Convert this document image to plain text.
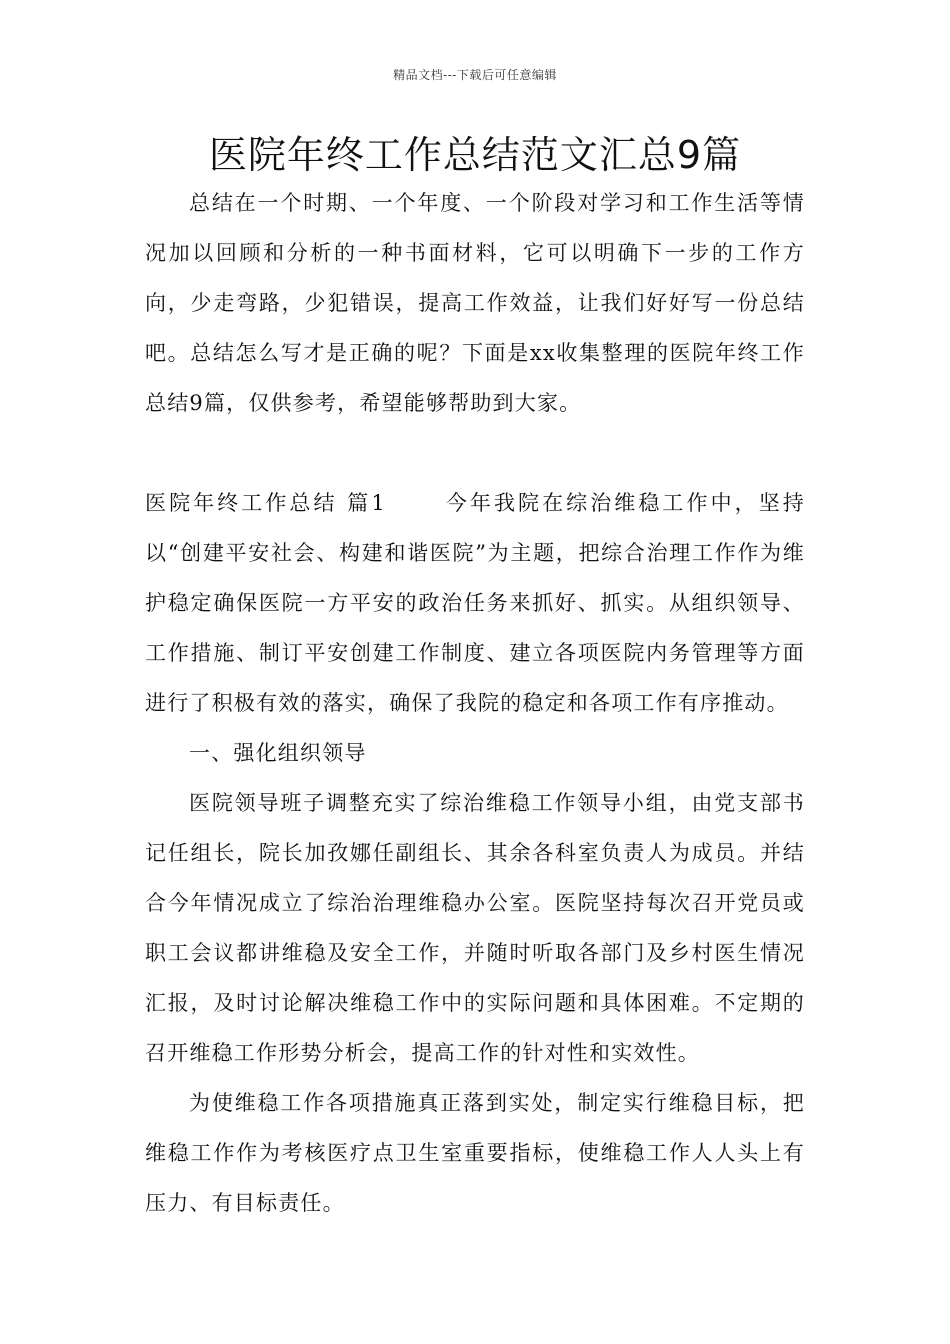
精品文档---下载后可任意编辑
医院年终工作总结范文汇总9篇

总结在一个时期、一个年度、一个阶段对学习和工作生活等情况加以回顾和分析的一种书面材料，它可以明确下一步的工作方向，少走弯路，少犯错误，提高工作效益，让我们好好写一份总结吧。总结怎么写才是正确的呢？下面是xx收集整理的医院年终工作总结9篇，仅供参考，希望能够帮助到大家。

医院年终工作总结 篇1	今年我院在综治维稳工作中，坚持以“创建平安社会、构建和谐医院”为主题，把综合治理工作作为维护稳定确保医院一方平安的政治任务来抓好、抓实。从组织领导、工作措施、制订平安创建工作制度、建立各项医院内务管理等方面进行了积极有效的落实，确保了我院的稳定和各项工作有序推动。

一、强化组织领导

医院领导班子调整充实了综治维稳工作领导小组，由党支部书记任组长，院长加孜娜任副组长、其余各科室负责人为成员。并结合今年情况成立了综治治理维稳办公室。医院坚持每次召开党员或职工会议都讲维稳及安全工作，并随时听取各部门及乡村医生情况汇报，及时讨论解决维稳工作中的实际问题和具体困难。不定期的召开维稳工作形势分析会，提高工作的针对性和实效性。

为使维稳工作各项措施真正落到实处，制定实行维稳目标，把维稳工作作为考核医疗点卫生室重要指标，使维稳工作人人头上有压力、有目标责任。
